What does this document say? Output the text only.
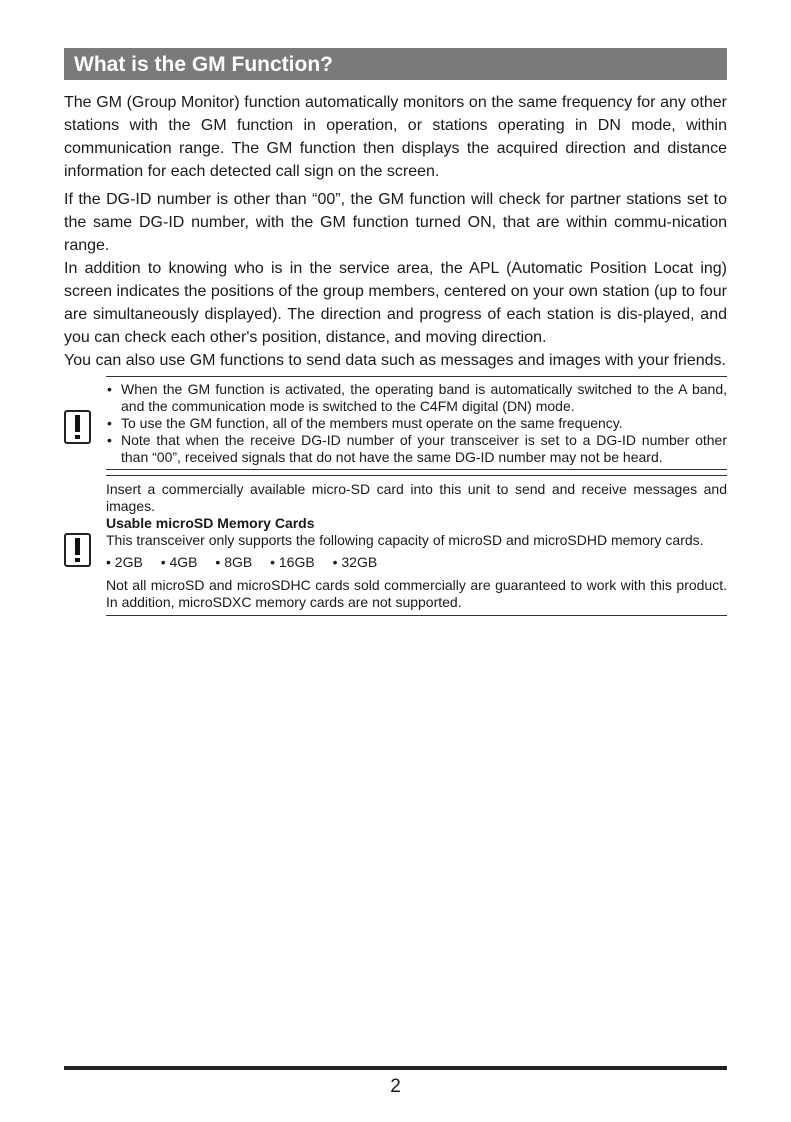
What is the GM Function?

The GM (Group Monitor) function automatically monitors on the same frequency for any other stations with the GM function in operation, or stations operating in DN mode, within communication range. The GM function then displays the acquired direction and distance information for each detected call sign on the screen.

If the DG-ID number is other than “00”, the GM function will check for partner stations set to the same DG-ID number, with the GM function turned ON, that are within commu-nication range.

In addition to knowing who is in the service area, the APL (Automatic Position Locat ing) screen indicates the positions of the group members, centered on your own station (up to four are simultaneously displayed). The direction and progress of each station is dis-played, and you can check each other's position, distance, and moving direction.

You can also use GM functions to send data such as messages and images with your friends.

• When the GM function is activated, the operating band is automatically switched to the A band, and the communication mode is switched to the C4FM digital (DN) mode.
• To use the GM function, all of the members must operate on the same frequency.
• Note that when the receive DG-ID number of your transceiver is set to a DG-ID number other than “00”, received signals that do not have the same DG-ID number may not be heard.

Insert a commercially available micro-SD card into this unit to send and receive messages and images.

Usable microSD Memory Cards

This transceiver only supports the following capacity of microSD and microSDHD memory cards.

• 2GB • 4GB • 8GB • 16GB • 32GB

Not all microSD and microSDHC cards sold commercially are guaranteed to work with this product. In addition, microSDXC memory cards are not supported.

2
